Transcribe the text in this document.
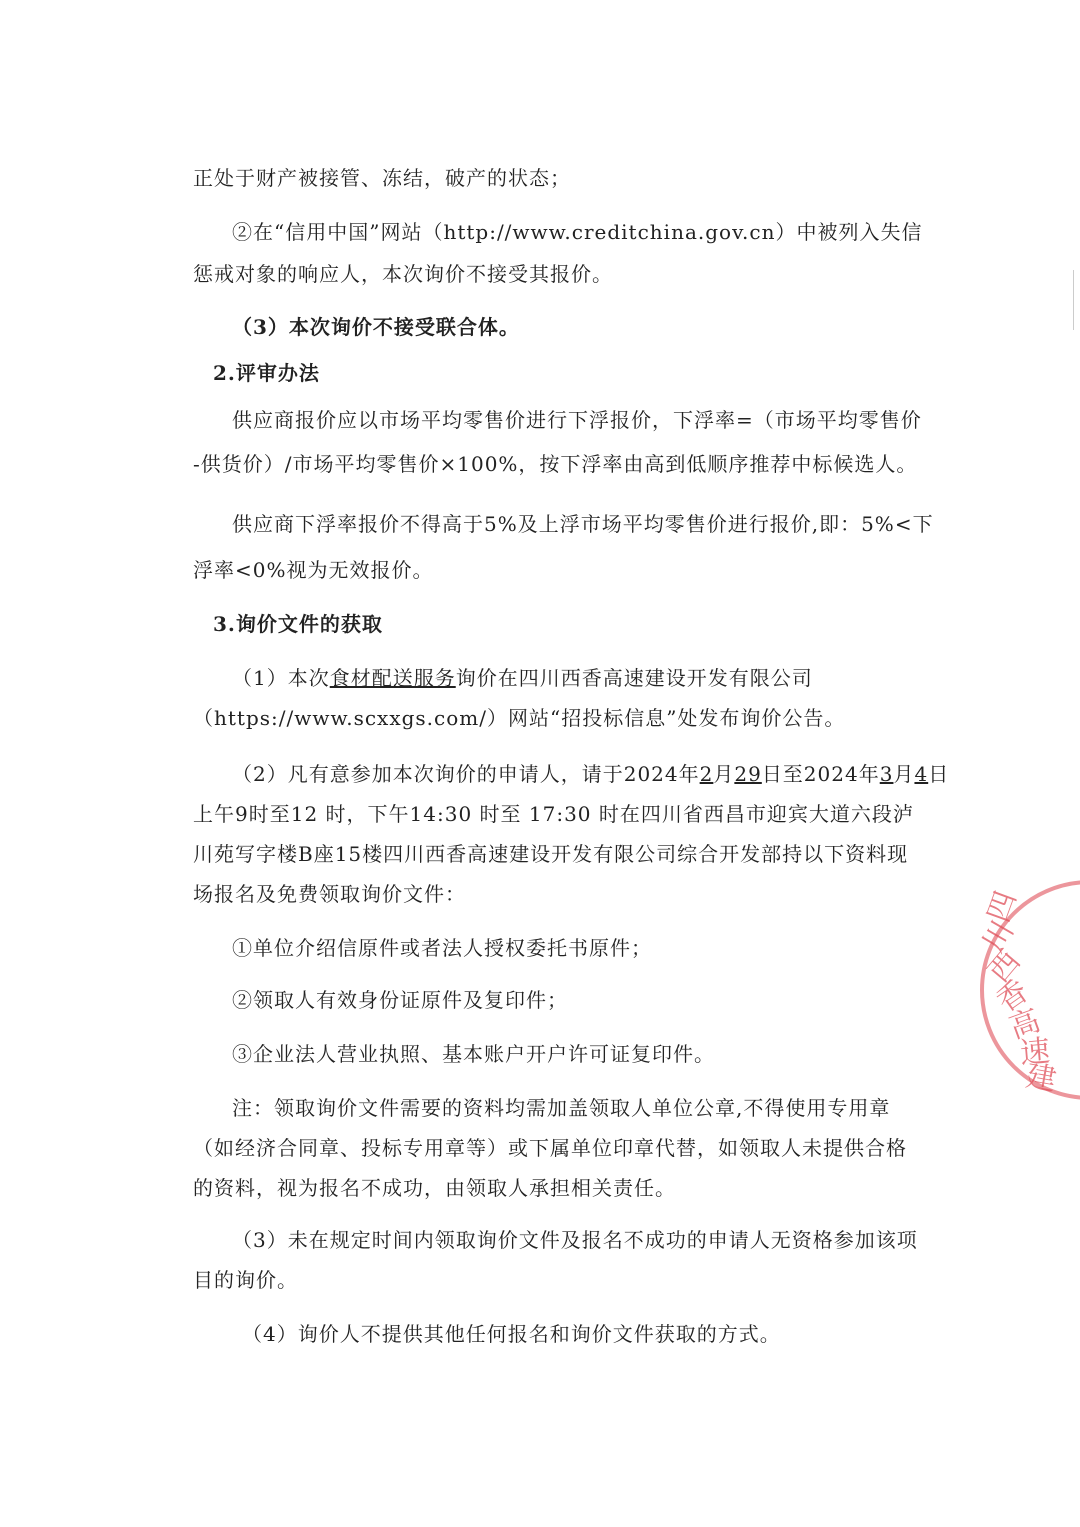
正处于财产被接管、冻结，破产的状态；
②在“信用中国”网站（http://www.creditchina.gov.cn）中被列入失信
惩戒对象的响应人，本次询价不接受其报价。
（3）本次询价不接受联合体。
2.评审办法
供应商报价应以市场平均零售价进行下浮报价，下浮率=（市场平均零售价
-供货价）/市场平均零售价×100%，按下浮率由高到低顺序推荐中标候选人。
供应商下浮率报价不得高于5%及上浮市场平均零售价进行报价,即：5%<下
浮率<0%视为无效报价。
3.询价文件的获取
（1）本次食材配送服务询价在四川西香高速建设开发有限公司
（https://www.scxxgs.com/）网站“招投标信息”处发布询价公告。
（2）凡有意参加本次询价的申请人，请于2024年2月29日至2024年3月4日
上午9时至12 时，下午14:30 时至 17:30 时在四川省西昌市迎宾大道六段泸
川苑写字楼B座15楼四川西香高速建设开发有限公司综合开发部持以下资料现
场报名及免费领取询价文件：
①单位介绍信原件或者法人授权委托书原件；
②领取人有效身份证原件及复印件；
③企业法人营业执照、基本账户开户许可证复印件。
注：领取询价文件需要的资料均需加盖领取人单位公章,不得使用专用章
（如经济合同章、投标专用章等）或下属单位印章代替，如领取人未提供合格
的资料，视为报名不成功，由领取人承担相关责任。
（3）未在规定时间内领取询价文件及报名不成功的申请人无资格参加该项
目的询价。
（4）询价人不提供其他任何报名和询价文件获取的方式。
四
川
西
香
高
速
建
